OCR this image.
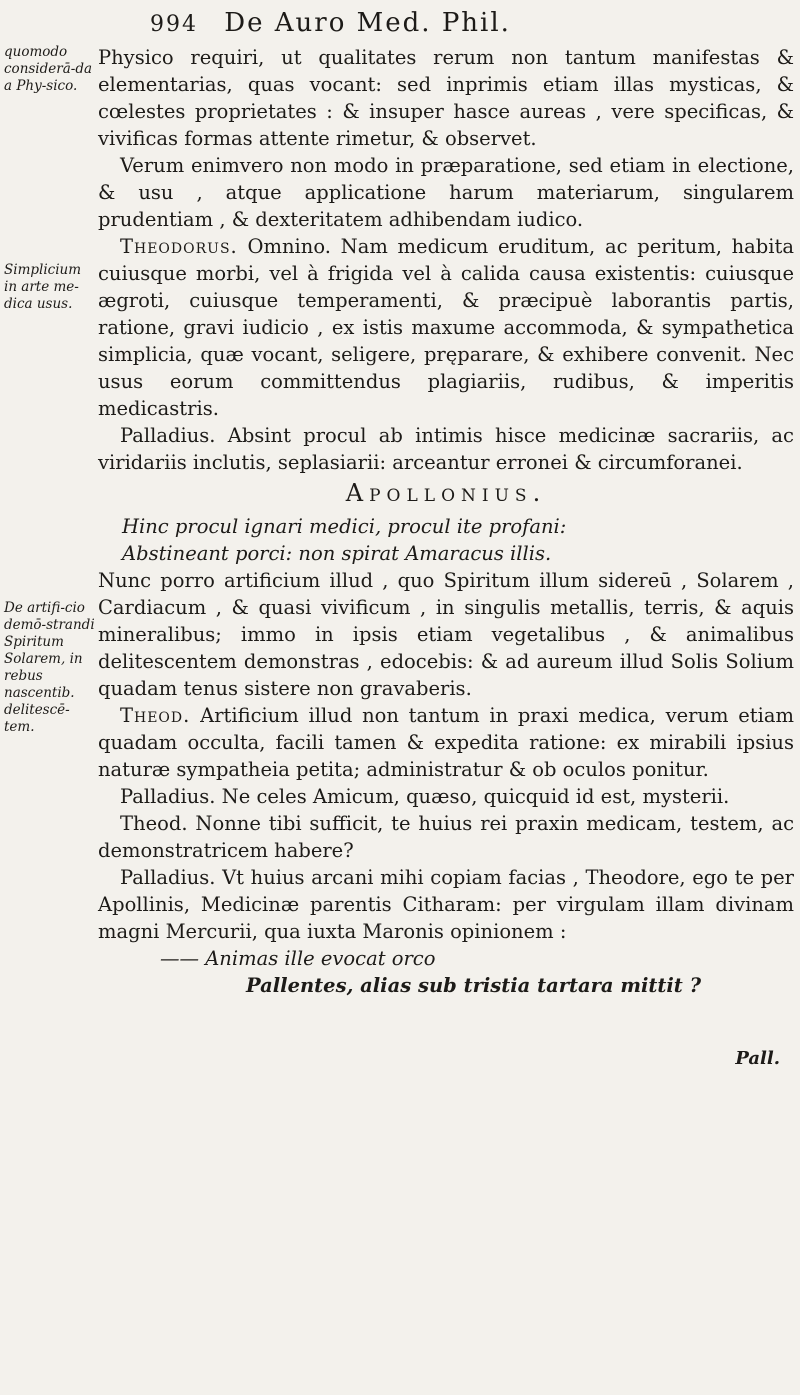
994 De Auro Med. Phil.
quomodo considerā-da a Phy-sico.
Simplicium in arte me-dica usus.
De artifi-cio demō-strandi Spiritum Solarem, in rebus nascentib. delitescē-tem.

Physico requiri, ut qualitates rerum non tantum manifestas & elementarias, quas vocant: sed inprimis etiam illas mysticas, & cœlestes proprietates : & insuper hasce aureas , vere specificas, & vivificas formas attente rimetur, & observet.

Verum enimvero non modo in præparatione, sed etiam in electione, & usu , atque applicatione harum materiarum, singularem prudentiam , & dexteritatem adhibendam iudico.

Theodorus. Omnino. Nam medicum eruditum, ac peritum, habita cuiusque morbi, vel à frigida vel à calida causa existentis: cuiusque ægroti, cuiusque temperamenti, & præcipuè laborantis partis, ratione, gravi iudicio , ex istis maxume accommoda, & sympathetica simplicia, quæ vocant, seligere, pręparare, & exhibere convenit. Nec usus eorum committendus plagiariis, rudibus, & imperitis medicastris.

Palladius. Absint procul ab intimis hisce medicinæ sacrariis, ac viridariis inclutis, seplasiarii: arceantur erronei & circumforanei.

Apollonius.
Hinc procul ignari medici, procul ite profani:
Abstineant porci: non spirat Amaracus illis.

Nunc porro artificium illud , quo Spiritum illum sidereū , Solarem , Cardiacum , & quasi vivificum , in singulis metallis, terris, & aquis mineralibus; immo in ipsis etiam vegetalibus , & animalibus delitescentem demonstras , edocebis: & ad aureum illud Solis Solium quadam tenus sistere non gravaberis.

Theod. Artificium illud non tantum in praxi medica, verum etiam quadam occulta, facili tamen & expedita ratione: ex mirabili ipsius naturæ sympatheia petita; administratur & ob oculos ponitur.

Palladius. Ne celes Amicum, quæso, quicquid id est, mysterii.

Theod. Nonne tibi sufficit, te huius rei praxin medicam, testem, ac demonstratricem habere?

Palladius. Vt huius arcani mihi copiam facias , Theodore, ego te per Apollinis, Medicinæ parentis Citharam: per virgulam illam divinam magni Mercurii, qua iuxta Maronis opinionem :

—— Animas ille evocat orco
Pallentes, alias sub tristia tartara mittit ?
Pall.
